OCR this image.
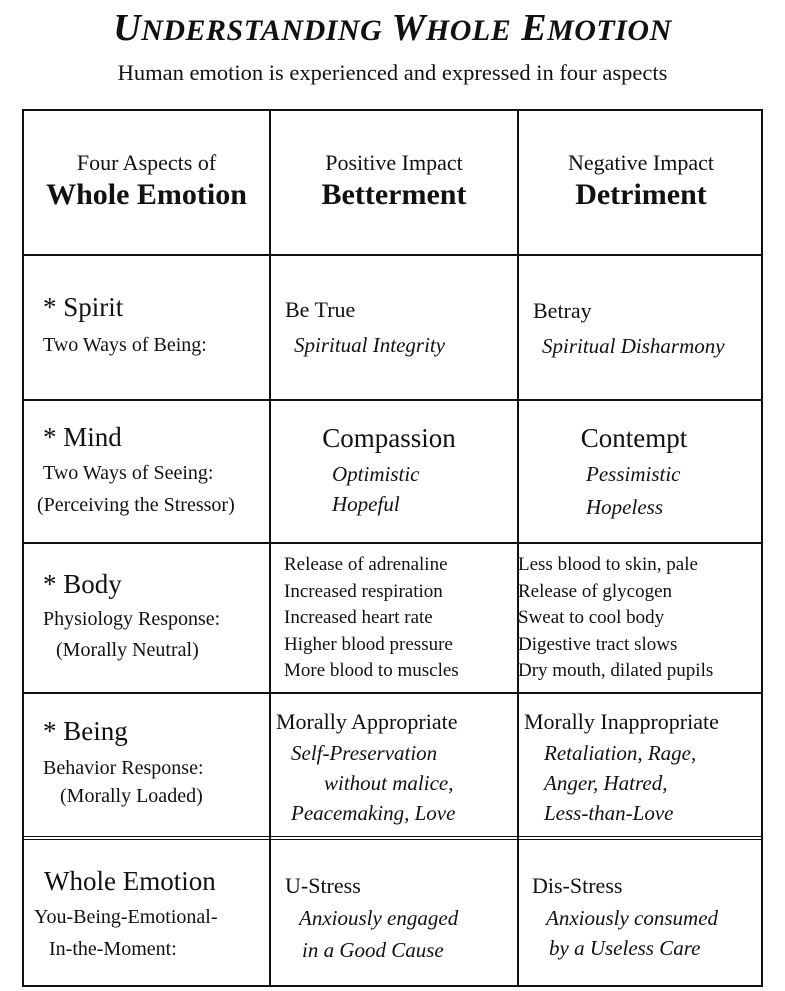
UNDERSTANDING WHOLE EMOTION
Human emotion is experienced and expressed in four aspects
Four Aspects of
Whole Emotion
Positive Impact
Betterment
Negative Impact
Detriment
* Spirit
Two Ways of Being:
Be True
Spiritual Integrity
Betray
Spiritual Disharmony
* Mind
Two Ways of Seeing:
(Perceiving the Stressor)
Compassion
Optimistic
Hopeful
Contempt
Pessimistic
Hopeless
* Body
Physiology Response:
(Morally Neutral)
Release of adrenaline
Increased respiration
Increased heart rate
Higher blood pressure
More blood to muscles
Less blood to skin, pale
Release of glycogen
Sweat to cool body
Digestive tract slows
Dry mouth, dilated pupils
* Being
Behavior Response:
(Morally Loaded)
Morally Appropriate
Self-Preservation
without malice,
Peacemaking, Love
Morally Inappropriate
Retaliation, Rage,
Anger, Hatred,
Less-than-Love
Whole Emotion
You-Being-Emotional-
In-the-Moment:
U-Stress
Anxiously engaged
in a Good Cause
Dis-Stress
Anxiously consumed
by a Useless Care
